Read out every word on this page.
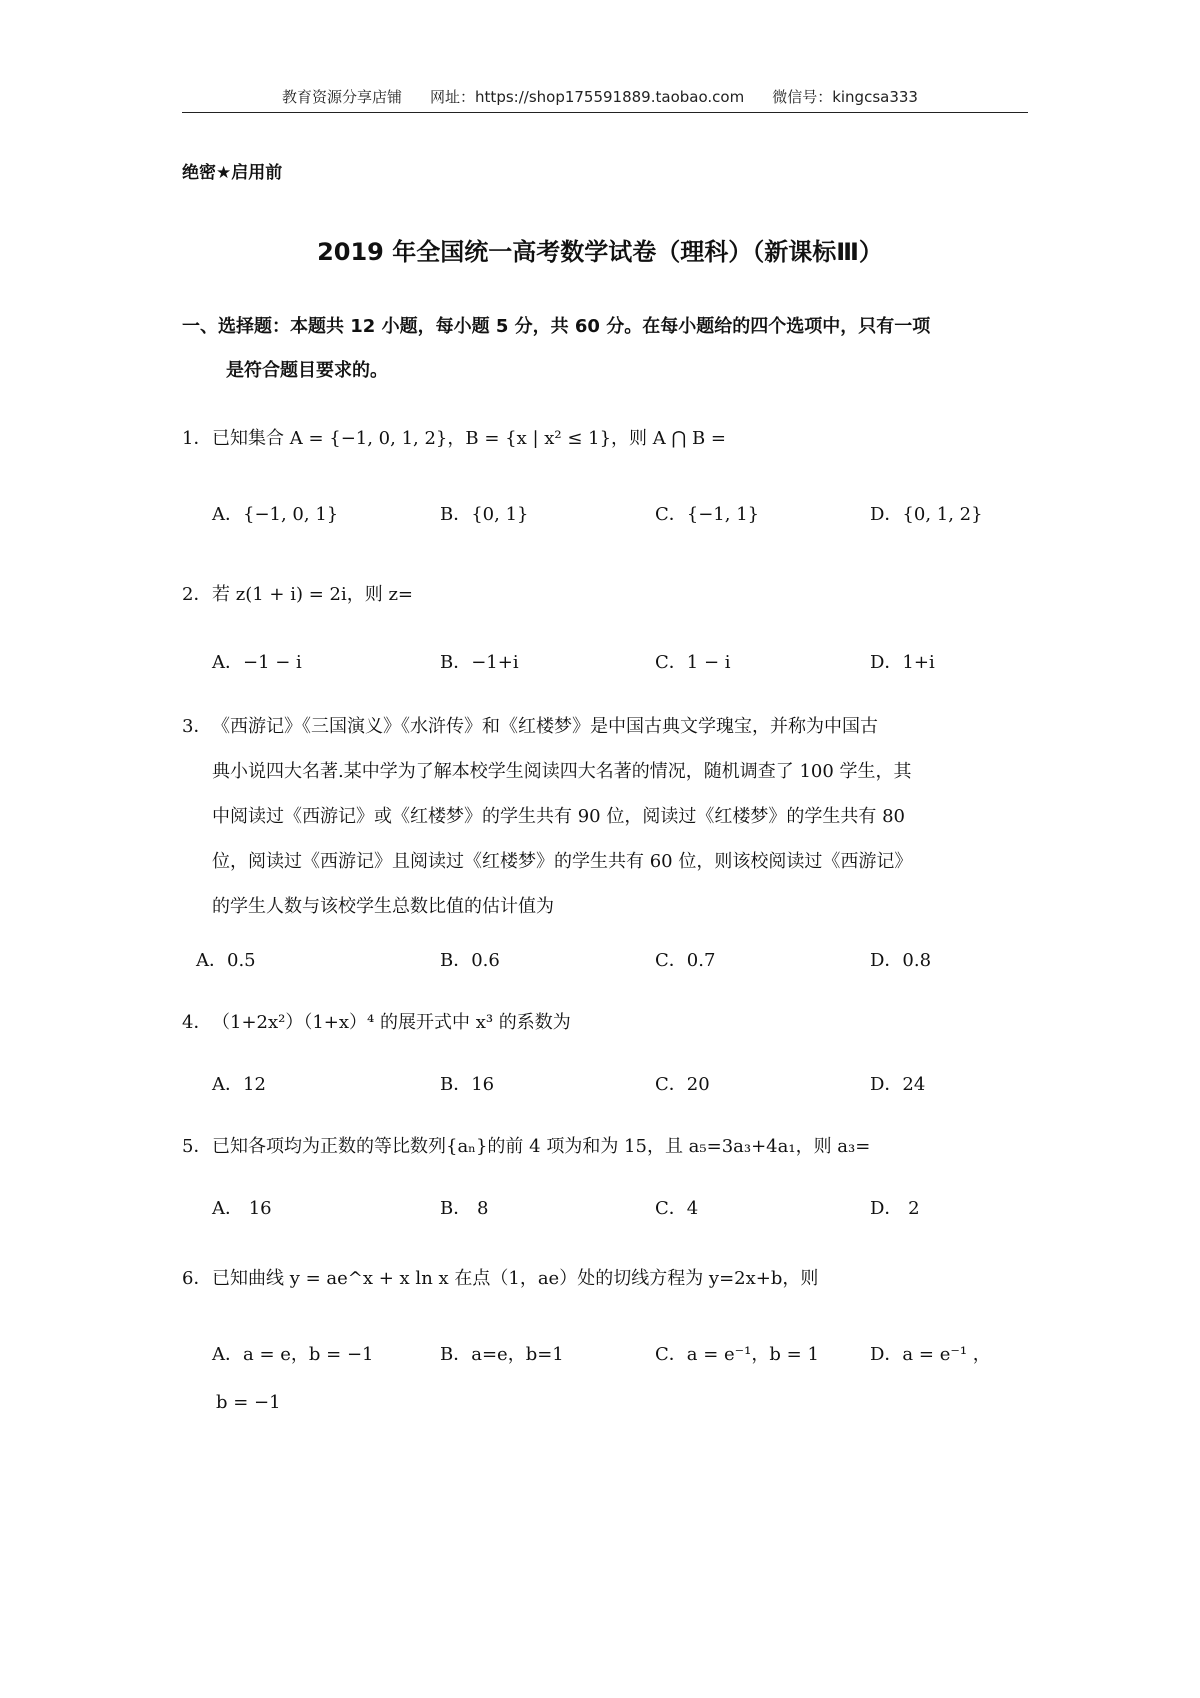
教育资源分享店铺 网址：https://shop175591889.taobao.com 微信号：kingcsa333
绝密★启用前
2019 年全国统一高考数学试卷（理科）（新课标Ⅲ）
一、选择题：本题共 12 小题，每小题 5 分，共 60 分。在每小题给的四个选项中，只有一项
是符合题目要求的。
1． 已知集合 A = {−1, 0, 1, 2}，B = {x | x² ≤ 1}，则 A ⋂ B =
A．{−1, 0, 1}	B．{0, 1}	C．{−1, 1}	D．{0, 1, 2}
2． 若 z(1 + i) = 2i，则 z=
A．−1 − i	B．−1+i	C．1 − i	D．1+i
3． 《西游记》《三国演义》《水浒传》和《红楼梦》是中国古典文学瑰宝，并称为中国古
典小说四大名著.某中学为了解本校学生阅读四大名著的情况，随机调查了 100 学生，其
中阅读过《西游记》或《红楼梦》的学生共有 90 位，阅读过《红楼梦》的学生共有 80
位，阅读过《西游记》且阅读过《红楼梦》的学生共有 60 位，则该校阅读过《西游记》
的学生人数与该校学生总数比值的估计值为
A．0.5	B．0.6	C．0.7	D．0.8
4． （1+2x²）（1+x）⁴ 的展开式中 x³ 的系数为
A．12	B．16	C．20	D．24
5． 已知各项均为正数的等比数列{aₙ}的前 4 项为和为 15，且 a₅=3a₃+4a₁，则 a₃=
A． 16	B． 8	C．4	D． 2
6． 已知曲线 y = ae^x + x ln x 在点（1，ae）处的切线方程为 y=2x+b，则
A．a = e，b = −1	B．a=e，b=1	C．a = e⁻¹，b = 1	D．a = e⁻¹ ，
b = −1
